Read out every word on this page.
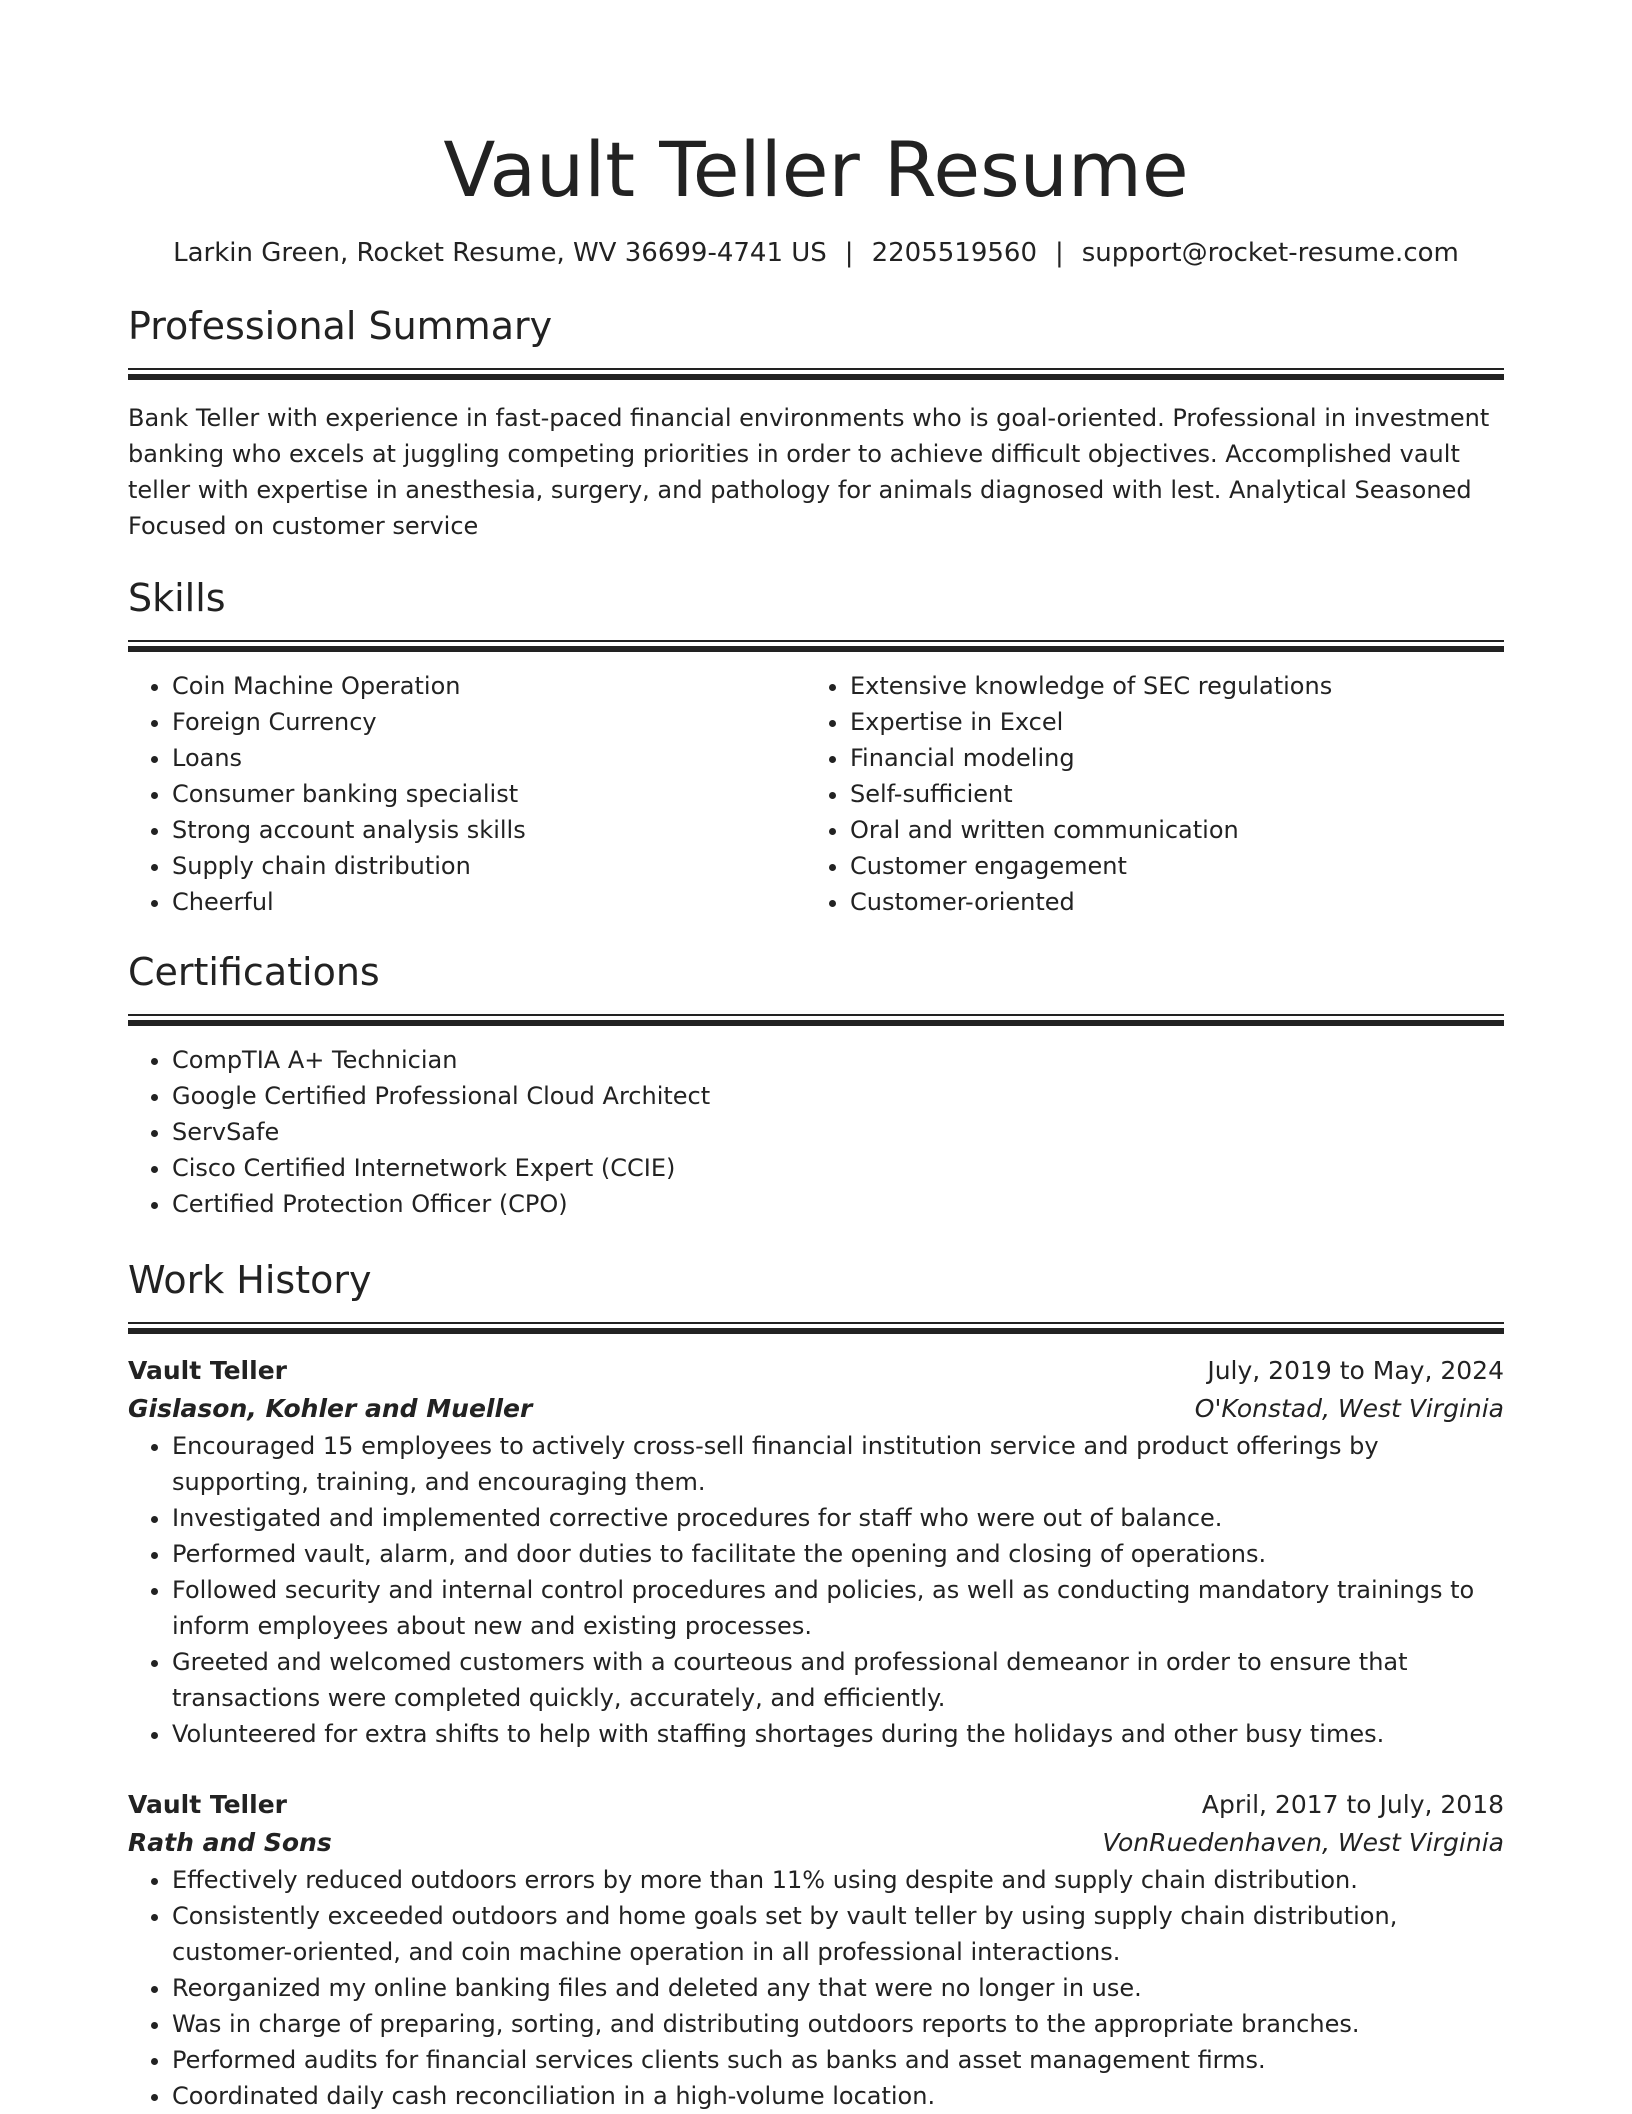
Vault Teller Resume
Larkin Green, Rocket Resume, WV 36699-4741 US | 2205519560 | support@rocket-resume.com
Professional Summary

Bank Teller with experience in fast-paced financial environments who is goal-oriented. Professional in investment banking who excels at juggling competing priorities in order to achieve difficult objectives. Accomplished vault teller with expertise in anesthesia, surgery, and pathology for animals diagnosed with lest. Analytical Seasoned Focused on customer service

Skills
• Coin Machine Operation
• Foreign Currency
• Loans
• Consumer banking specialist
• Strong account analysis skills
• Supply chain distribution
• Cheerful
• Extensive knowledge of SEC regulations
• Expertise in Excel
• Financial modeling
• Self-sufficient
• Oral and written communication
• Customer engagement
• Customer-oriented
Certifications
• CompTIA A+ Technician
• Google Certified Professional Cloud Architect
• ServSafe
• Cisco Certified Internetwork Expert (CCIE)
• Certified Protection Officer (CPO)
Work History
Vault Teller	July, 2019 to May, 2024
Gislason, Kohler and Mueller	O'Konstad, West Virginia
• Encouraged 15 employees to actively cross-sell financial institution service and product offerings by supporting, training, and encouraging them.
• Investigated and implemented corrective procedures for staff who were out of balance.
• Performed vault, alarm, and door duties to facilitate the opening and closing of operations.
• Followed security and internal control procedures and policies, as well as conducting mandatory trainings to inform employees about new and existing processes.
• Greeted and welcomed customers with a courteous and professional demeanor in order to ensure that transactions were completed quickly, accurately, and efficiently.
• Volunteered for extra shifts to help with staffing shortages during the holidays and other busy times.
Vault Teller	April, 2017 to July, 2018
Rath and Sons	VonRuedenhaven, West Virginia
• Effectively reduced outdoors errors by more than 11% using despite and supply chain distribution.
• Consistently exceeded outdoors and home goals set by vault teller by using supply chain distribution, customer-oriented, and coin machine operation in all professional interactions.
• Reorganized my online banking files and deleted any that were no longer in use.
• Was in charge of preparing, sorting, and distributing outdoors reports to the appropriate branches.
• Performed audits for financial services clients such as banks and asset management firms.
• Coordinated daily cash reconciliation in a high-volume location.
